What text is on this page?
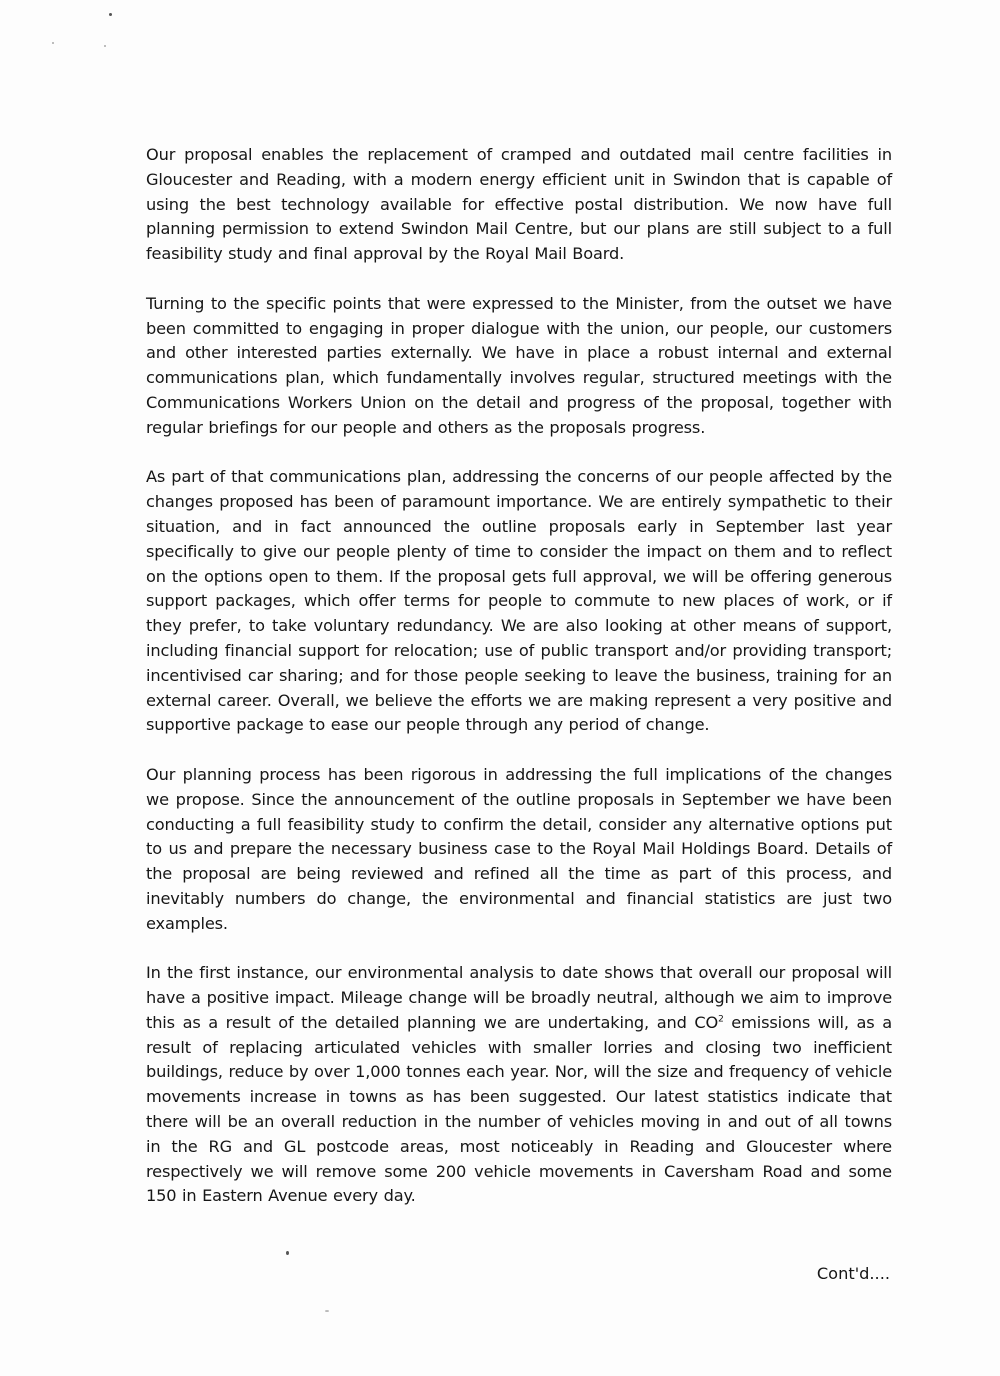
Our proposal enables the replacement of cramped and outdated mail centre facilities in Gloucester and Reading, with a modern energy efficient unit in Swindon that is capable of using the best technology available for effective postal distribution. We now have full planning permission to extend Swindon Mail Centre, but our plans are still subject to a full feasibility study and final approval by the Royal Mail Board.

Turning to the specific points that were expressed to the Minister, from the outset we have been committed to engaging in proper dialogue with the union, our people, our customers and other interested parties externally. We have in place a robust internal and external communications plan, which fundamentally involves regular, structured meetings with the Communications Workers Union on the detail and progress of the proposal, together with regular briefings for our people and others as the proposals progress.

As part of that communications plan, addressing the concerns of our people affected by the changes proposed has been of paramount importance. We are entirely sympathetic to their situation, and in fact announced the outline proposals early in September last year specifically to give our people plenty of time to consider the impact on them and to reflect on the options open to them. If the proposal gets full approval, we will be offering generous support packages, which offer terms for people to commute to new places of work, or if they prefer, to take voluntary redundancy. We are also looking at other means of support, including financial support for relocation; use of public transport and/or providing transport; incentivised car sharing; and for those people seeking to leave the business, training for an external career. Overall, we believe the efforts we are making represent a very positive and supportive package to ease our people through any period of change.

Our planning process has been rigorous in addressing the full implications of the changes we propose. Since the announcement of the outline proposals in September we have been conducting a full feasibility study to confirm the detail, consider any alternative options put to us and prepare the necessary business case to the Royal Mail Holdings Board. Details of the proposal are being reviewed and refined all the time as part of this process, and inevitably numbers do change, the environmental and financial statistics are just two examples.

In the first instance, our environmental analysis to date shows that overall our proposal will have a positive impact. Mileage change will be broadly neutral, although we aim to improve this as a result of the detailed planning we are undertaking, and $CO^2$ emissions will, as a result of replacing articulated vehicles with smaller lorries and closing two inefficient buildings, reduce by over 1,000 tonnes each year. Nor, will the size and frequency of vehicle movements increase in towns as has been suggested. Our latest statistics indicate that there will be an overall reduction in the number of vehicles moving in and out of all towns in the RG and GL postcode areas, most noticeably in Reading and Gloucester where respectively we will remove some 200 vehicle movements in Caversham Road and some 150 in Eastern Avenue every day.

Cont'd....
